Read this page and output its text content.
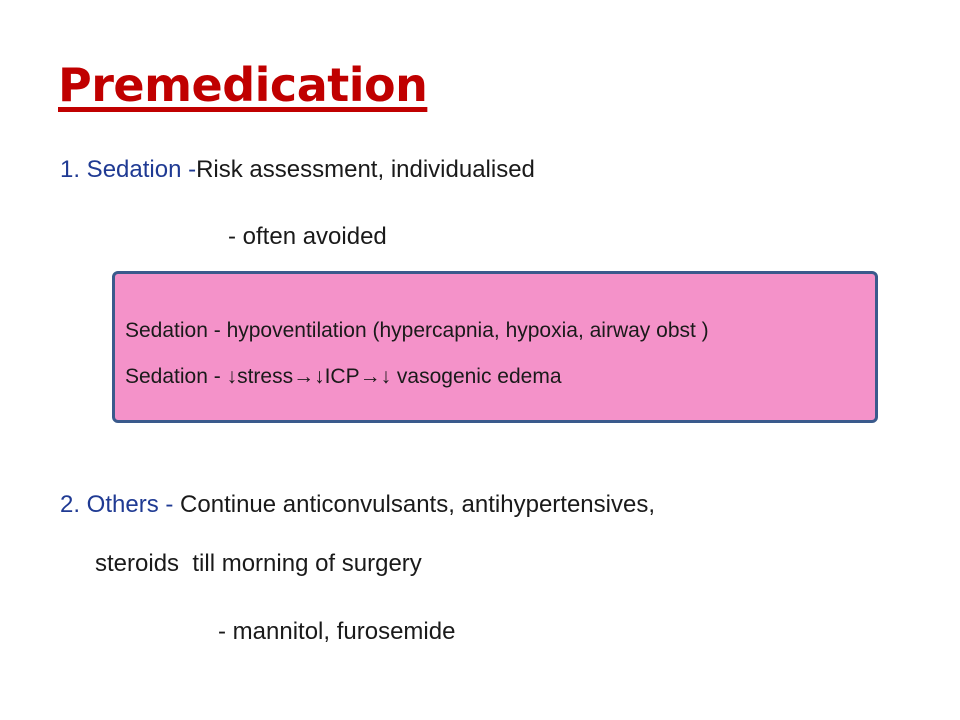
Premedication

1. Sedation -Risk assessment, individualised

- often avoided

Sedation - hypoventilation (hypercapnia, hypoxia, airway obst )
Sedation - ↓stress→↓ICP→↓ vasogenic edema

2. Others - Continue anticonvulsants, antihypertensives,

steroids  till morning of surgery

- mannitol, furosemide
